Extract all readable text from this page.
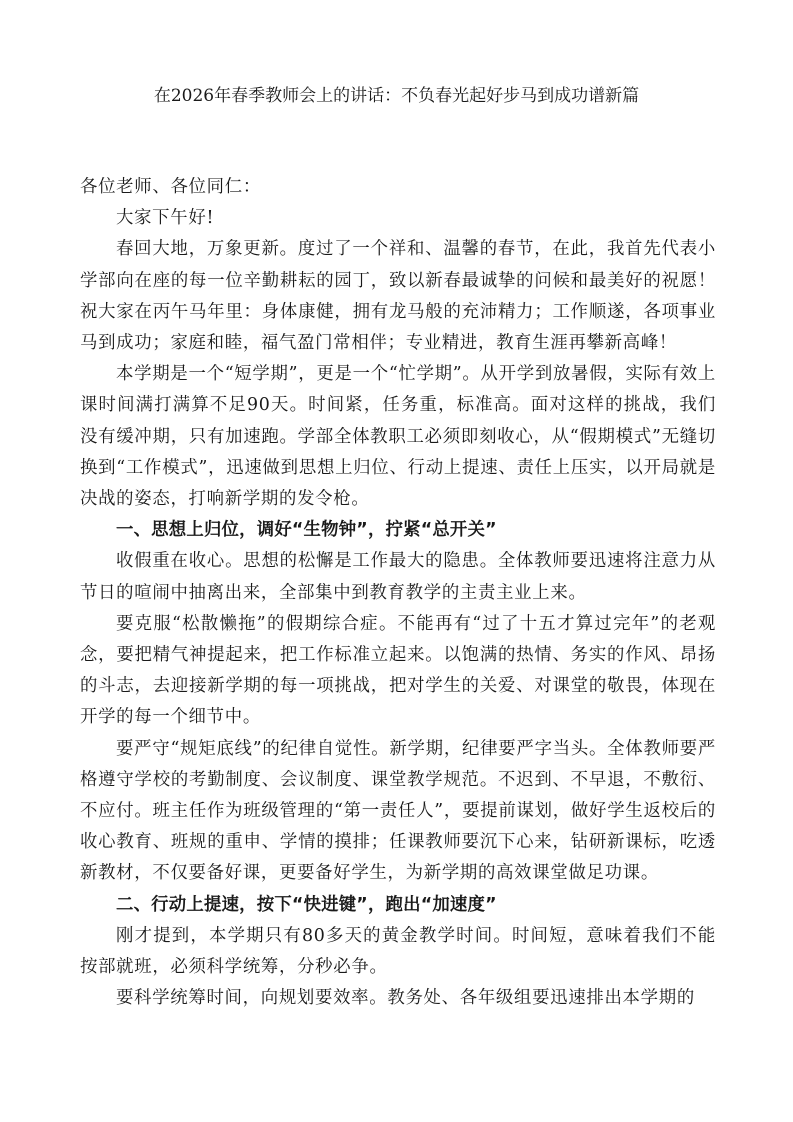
在2026年春季教师会上的讲话：不负春光起好步马到成功谱新篇

各位老师、各位同仁：

大家下午好!

春回大地，万象更新。度过了一个祥和、温馨的春节，在此，我首先代表小学部向在座的每一位辛勤耕耘的园丁，致以新春最诚挚的问候和最美好的祝愿！祝大家在丙午马年里：身体康健，拥有龙马般的充沛精力；工作顺遂，各项事业马到成功；家庭和睦，福气盈门常相伴；专业精进，教育生涯再攀新高峰！

本学期是一个“短学期”，更是一个“忙学期”。从开学到放暑假，实际有效上课时间满打满算不足90天。时间紧，任务重，标准高。面对这样的挑战，我们没有缓冲期，只有加速跑。学部全体教职工必须即刻收心，从“假期模式”无缝切换到“工作模式”，迅速做到思想上归位、行动上提速、责任上压实，以开局就是决战的姿态，打响新学期的发令枪。

一、思想上归位，调好“生物钟”，拧紧“总开关”

收假重在收心。思想的松懈是工作最大的隐患。全体教师要迅速将注意力从节日的喧闹中抽离出来，全部集中到教育教学的主责主业上来。

要克服“松散懒拖”的假期综合症。不能再有“过了十五才算过完年”的老观念，要把精气神提起来，把工作标准立起来。以饱满的热情、务实的作风、昂扬的斗志，去迎接新学期的每一项挑战，把对学生的关爱、对课堂的敬畏，体现在开学的每一个细节中。

要严守“规矩底线”的纪律自觉性。新学期，纪律要严字当头。全体教师要严格遵守学校的考勤制度、会议制度、课堂教学规范。不迟到、不早退，不敷衍、不应付。班主任作为班级管理的“第一责任人”，要提前谋划，做好学生返校后的收心教育、班规的重申、学情的摸排；任课教师要沉下心来，钻研新课标，吃透新教材，不仅要备好课，更要备好学生，为新学期的高效课堂做足功课。

二、行动上提速，按下“快进键”，跑出“加速度”

刚才提到，本学期只有80多天的黄金教学时间。时间短，意味着我们不能按部就班，必须科学统筹，分秒必争。

要科学统筹时间，向规划要效率。教务处、各年级组要迅速排出本学期的
